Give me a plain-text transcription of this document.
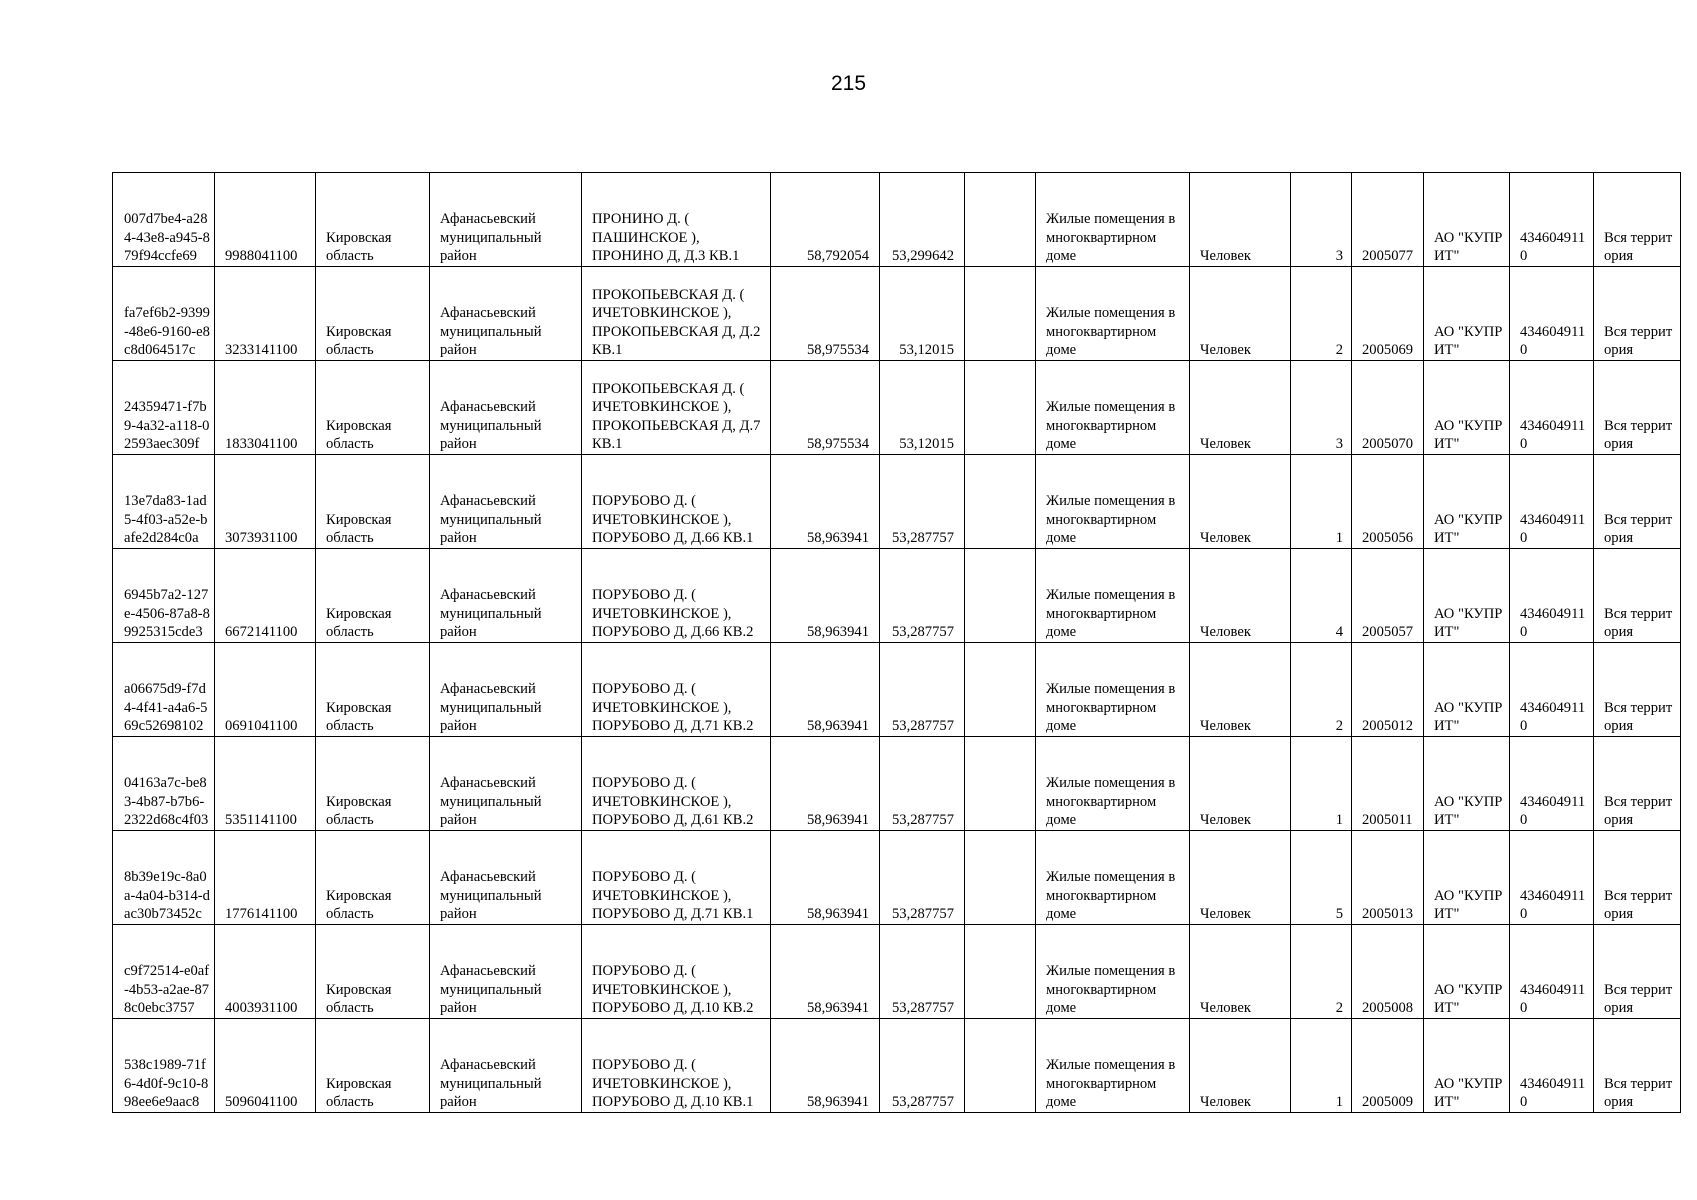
215
007d7be4-a284-43e8-a945-879f94ccfe69	9988041100	Кировская область	Афанасьевский муниципальный район	ПРОНИНО Д. ( ПАШИНСКОЕ ), ПРОНИНО Д, Д.3 КВ.1	58,792054	53,299642		Жилые помещения в многоквартирном доме	Человек	3	2005077	АО "КУПРИТ"	4346049110	Вся территория
fa7ef6b2-9399-48e6-9160-e8c8d064517c	3233141100	Кировская область	Афанасьевский муниципальный район	ПРОКОПЬЕВСКАЯ Д. ( ИЧЕТОВКИНСКОЕ ), ПРОКОПЬЕВСКАЯ Д, Д.2 КВ.1	58,975534	53,12015		Жилые помещения в многоквартирном доме	Человек	2	2005069	АО "КУПРИТ"	4346049110	Вся территория
24359471-f7b9-4a32-a118-02593aec309f	1833041100	Кировская область	Афанасьевский муниципальный район	ПРОКОПЬЕВСКАЯ Д. ( ИЧЕТОВКИНСКОЕ ), ПРОКОПЬЕВСКАЯ Д, Д.7 КВ.1	58,975534	53,12015		Жилые помещения в многоквартирном доме	Человек	3	2005070	АО "КУПРИТ"	4346049110	Вся территория
13e7da83-1ad5-4f03-a52e-bafe2d284c0a	3073931100	Кировская область	Афанасьевский муниципальный район	ПОРУБОВО Д. ( ИЧЕТОВКИНСКОЕ ), ПОРУБОВО Д, Д.66 КВ.1	58,963941	53,287757		Жилые помещения в многоквартирном доме	Человек	1	2005056	АО "КУПРИТ"	4346049110	Вся территория
6945b7a2-127e-4506-87a8-89925315cde3	6672141100	Кировская область	Афанасьевский муниципальный район	ПОРУБОВО Д. ( ИЧЕТОВКИНСКОЕ ), ПОРУБОВО Д, Д.66 КВ.2	58,963941	53,287757		Жилые помещения в многоквартирном доме	Человек	4	2005057	АО "КУПРИТ"	4346049110	Вся территория
a06675d9-f7d4-4f41-a4a6-569c52698102	0691041100	Кировская область	Афанасьевский муниципальный район	ПОРУБОВО Д. ( ИЧЕТОВКИНСКОЕ ), ПОРУБОВО Д, Д.71 КВ.2	58,963941	53,287757		Жилые помещения в многоквартирном доме	Человек	2	2005012	АО "КУПРИТ"	4346049110	Вся территория
04163a7c-be83-4b87-b7b6-2322d68c4f03	5351141100	Кировская область	Афанасьевский муниципальный район	ПОРУБОВО Д. ( ИЧЕТОВКИНСКОЕ ), ПОРУБОВО Д, Д.61 КВ.2	58,963941	53,287757		Жилые помещения в многоквартирном доме	Человек	1	2005011	АО "КУПРИТ"	4346049110	Вся территория
8b39e19c-8a0a-4a04-b314-dac30b73452c	1776141100	Кировская область	Афанасьевский муниципальный район	ПОРУБОВО Д. ( ИЧЕТОВКИНСКОЕ ), ПОРУБОВО Д, Д.71 КВ.1	58,963941	53,287757		Жилые помещения в многоквартирном доме	Человек	5	2005013	АО "КУПРИТ"	4346049110	Вся территория
c9f72514-e0af-4b53-a2ae-878c0ebc3757	4003931100	Кировская область	Афанасьевский муниципальный район	ПОРУБОВО Д. ( ИЧЕТОВКИНСКОЕ ), ПОРУБОВО Д, Д.10 КВ.2	58,963941	53,287757		Жилые помещения в многоквартирном доме	Человек	2	2005008	АО "КУПРИТ"	4346049110	Вся территория
538c1989-71f6-4d0f-9c10-898ee6e9aac8	5096041100	Кировская область	Афанасьевский муниципальный район	ПОРУБОВО Д. ( ИЧЕТОВКИНСКОЕ ), ПОРУБОВО Д, Д.10 КВ.1	58,963941	53,287757		Жилые помещения в многоквартирном доме	Человек	1	2005009	АО "КУПРИТ"	4346049110	Вся территория
